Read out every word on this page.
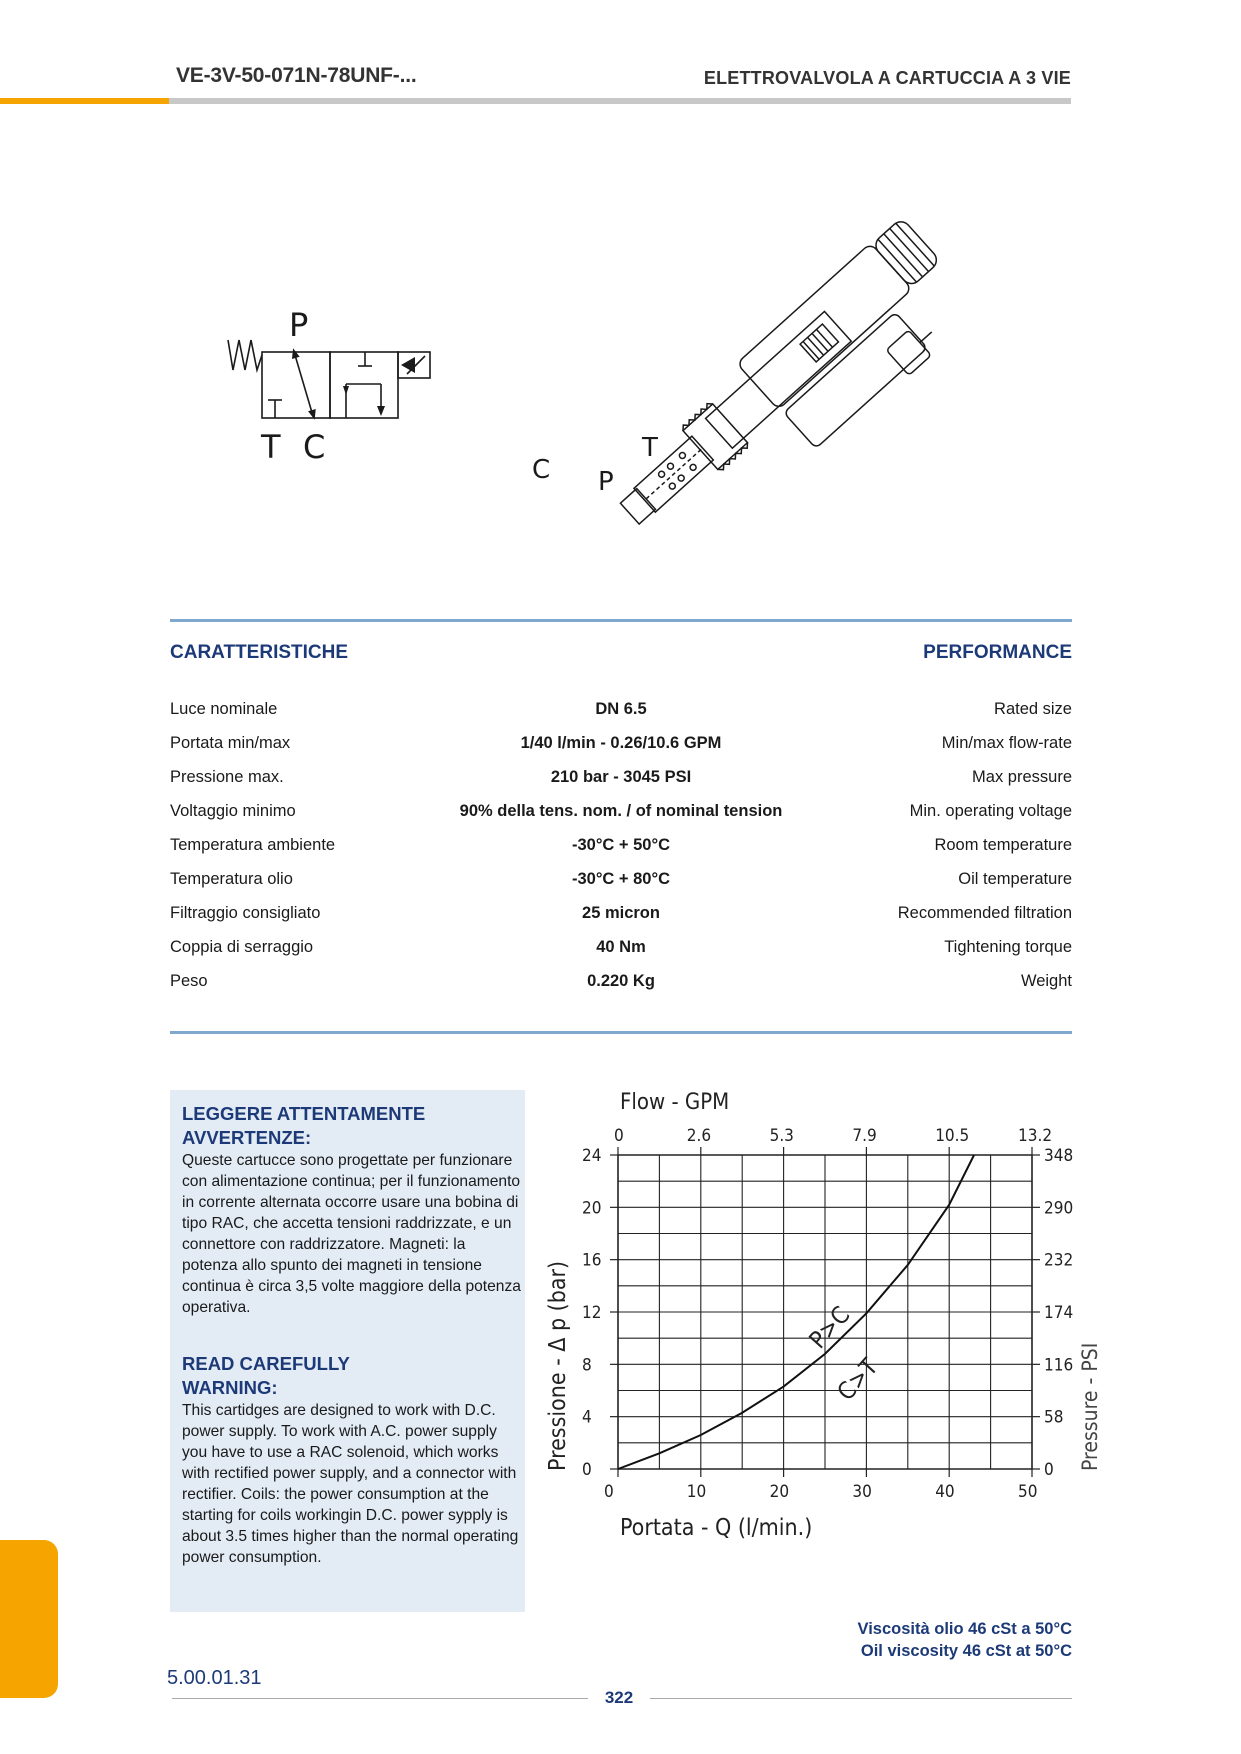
VE-3V-50-071N-78UNF-...	ELETTROVALVOLA A CARTUCCIA A 3 VIE
P
T C
C P
T
CARATTERISTICHE	PERFORMANCE
Luce nominale	DN 6.5	Rated size
Portata min/max	1/40 l/min - 0.26/10.6 GPM	Min/max flow-rate
Pressione max.	210 bar - 3045 PSI	Max pressure
Voltaggio minimo	90% della tens. nom. / of nominal tension	Min. operating voltage
Temperatura ambiente	-30°C + 50°C	Room temperature
Temperatura olio	-30°C + 80°C	Oil temperature
Filtraggio consigliato	25 micron	Recommended filtration
Coppia di serraggio	40 Nm	Tightening torque
Peso	0.220 Kg	Weight
LEGGERE ATTENTAMENTE
AVVERTENZE:
Queste cartucce sono progettate per funzionare con alimentazione continua; per il funzionamento in corrente alternata occorre usare una bobina di tipo RAC, che accetta tensioni raddrizzate, e un connettore con raddrizzatore. Magneti: la potenza allo spunto dei magneti in tensione continua è circa 3,5 volte maggiore della potenza operativa.
READ CAREFULLY
WARNING:
This cartidges are designed to work with D.C. power supply. To work with A.C. power supply you have to use a RAC solenoid, which works with rectified power supply, and a connector with rectifier. Coils: the power consumption at the starting for coils workingin D.C. power sypply is about 3.5 times higher than the normal operating power consumption.
0	10	20	30	40	50
0	2.6	5.3	7.9	10.5	13.2
0
4
8
12
16
20
24
0
58
116
174
232
290
348
Flow - GPM
Portata - Q (l/min.)
Pressione - Δ p (bar)	Pressure - PSI
P>C
C>T
Viscosità olio 46 cSt a 50°C
Oil viscosity 46 cSt at 50°C
5.00.01.31
322
